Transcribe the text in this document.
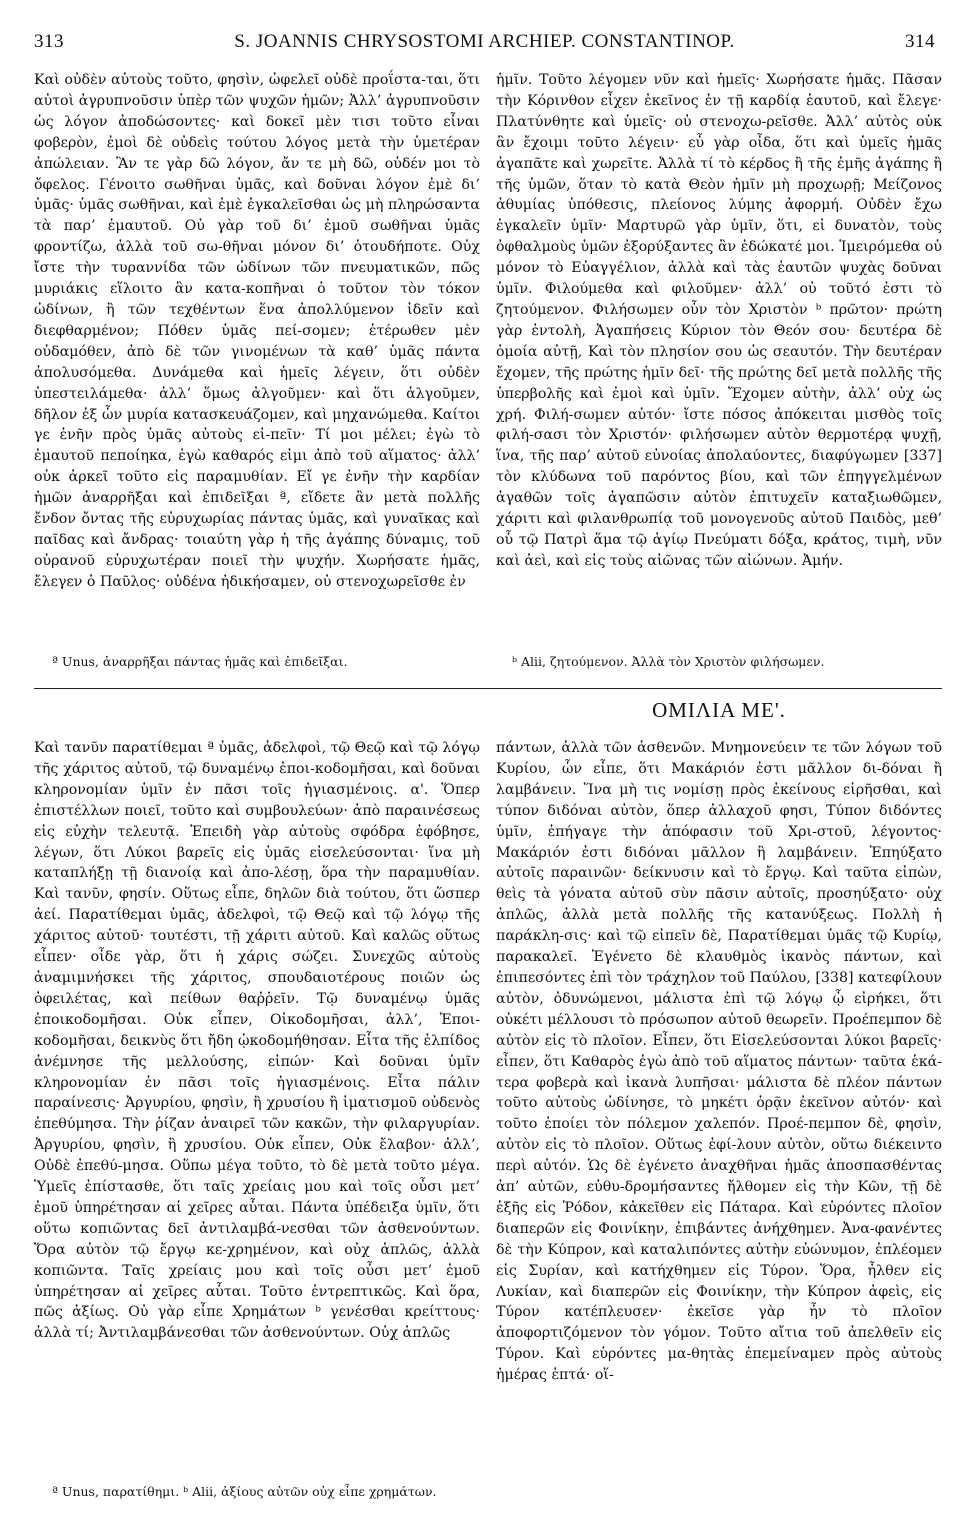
313	S. JOANNIS CHRYSOSTOMI ARCHIEP. CONSTANTINOP.	314

Καὶ οὐδὲν αὐτοὺς τοῦτο, φησὶν, ὠφελεῖ οὐδὲ προΐστα-ται, ὅτι αὐτοὶ ἀγρυπνοῦσιν ὑπὲρ τῶν ψυχῶν ἡμῶν; Ἀλλ’ ἀγρυπνοῦσιν ὡς λόγον ἀποδώσοντες· καὶ δοκεῖ μὲν τισι τοῦτο εἶναι φοβερὸν, ἐμοὶ δὲ οὐδεὶς τούτου λόγος μετὰ τὴν ὑμετέραν ἀπώλειαν. Ἂν τε γὰρ δῶ λόγον, ἄν τε μὴ δῶ, οὐδέν μοι τὸ ὄφελος. Γένοιτο σωθῆναι ὑμᾶς, καὶ δοῦναι λόγον ἐμὲ δι’ ὑμᾶς· ὑμᾶς σωθῆναι, καὶ ἐμὲ ἐγκαλεῖσθαι ὡς μὴ πληρώσαντα τὰ παρ’ ἐμαυτοῦ. Οὐ γὰρ τοῦ δι’ ἐμοῦ σωθῆναι ὑμᾶς φροντίζω, ἀλλὰ τοῦ σω-θῆναι μόνον δι’ ὁτουδήποτε. Οὐχ ἴστε τὴν τυραννίδα τῶν ὠδίνων τῶν πνευματικῶν, πῶς μυριάκις εἵλοιτο ἂν κατα-κοπῆναι ὁ τοῦτον τὸν τόκον ὠδίνων, ἢ τῶν τεχθέντων ἕνα ἀπολλύμενον ἰδεῖν καὶ διεφθαρμένον; Πόθεν ὑμᾶς πεί-σομεν; ἑτέρωθεν μὲν οὐδαμόθεν, ἀπὸ δὲ τῶν γινομένων τὰ καθ’ ὑμᾶς πάντα ἀπολυσόμεθα. Δυνάμεθα καὶ ἡμεῖς λέγειν, ὅτι οὐδὲν ὑπεστειλάμεθα· ἀλλ’ ὅμως ἀλγοῦμεν· καὶ ὅτι ἀλγοῦμεν, δῆλον ἐξ ὧν μυρία κατασκευάζομεν, καὶ μηχανώμεθα. Καίτοι γε ἐνῆν πρὸς ὑμᾶς αὐτοὺς εἰ-πεῖν· Τί μοι μέλει; ἐγὼ τὸ ἐμαυτοῦ πεποίηκα, ἐγὼ καθαρός εἰμι ἀπὸ τοῦ αἵματος· ἀλλ’ οὐκ ἀρκεῖ τοῦτο εἰς παραμυθίαν. Εἴ γε ἐνῆν τὴν καρδίαν ἡμῶν ἀναρρῆξαι καὶ ἐπιδεῖξαι ª, εἴδετε ἂν μετὰ πολλῆς ἔνδον ὄντας τῆς εὐρυχωρίας πάντας ὑμᾶς, καὶ γυναῖκας καὶ παῖδας καὶ ἄνδρας· τοιαύτη γὰρ ἡ τῆς ἀγάπης δύναμις, τοῦ οὐρανοῦ εὐρυχωτέραν ποιεῖ τὴν ψυχήν. Χωρήσατε ἡμᾶς, ἔλεγεν ὁ Παῦλος· οὐδένα ἠδικήσαμεν, οὐ στενοχωρεῖσθε ἐν

ἡμῖν. Τοῦτο λέγομεν νῦν καὶ ἡμεῖς· Χωρήσατε ἡμᾶς. Πᾶσαν τὴν Κόρινθον εἶχεν ἐκεῖνος ἐν τῇ καρδίᾳ ἑαυτοῦ, καὶ ἔλεγε· Πλατύνθητε καὶ ὑμεῖς· οὐ στενοχω-ρεῖσθε. Ἀλλ’ αὐτὸς οὐκ ἂν ἔχοιμι τοῦτο λέγειν· εὖ γὰρ οἶδα, ὅτι καὶ ὑμεῖς ἡμᾶς ἀγαπᾶτε καὶ χωρεῖτε. Ἀλλὰ τί τὸ κέρδος ἢ τῆς ἐμῆς ἀγάπης ἢ τῆς ὑμῶν, ὅταν τὸ κατὰ Θεὸν ἡμῖν μὴ προχωρῇ; Μείζονος ἀθυμίας ὑπόθεσις, πλείονος λύμης ἀφορμή. Οὐδὲν ἔχω ἐγκαλεῖν ὑμῖν· Μαρτυρῶ γὰρ ὑμῖν, ὅτι, εἰ δυνατὸν, τοὺς ὀφθαλμοὺς ὑμῶν ἐξορύξαντες ἂν ἐδώκατέ μοι. Ἱμειρόμεθα οὐ μόνον τὸ Εὐαγγέλιον, ἀλλὰ καὶ τὰς ἑαυτῶν ψυχὰς δοῦναι ὑμῖν. Φιλούμεθα καὶ φιλοῦμεν· ἀλλ’ οὐ τοῦτό ἐστι τὸ ζητούμενον. Φιλήσωμεν οὖν τὸν Χριστὸν ᵇ πρῶτον· πρώτη γὰρ ἐντολὴ, Ἀγαπήσεις Κύριον τὸν Θεόν σου· δευτέρα δὲ ὁμοία αὐτῇ, Καὶ τὸν πλησίον σου ὡς σεαυτόν. Τὴν δευτέραν ἔχομεν, τῆς πρώτης ἡμῖν δεῖ· τῆς πρώτης δεῖ μετὰ πολλῆς τῆς ὑπερβολῆς καὶ ἐμοὶ καὶ ὑμῖν. Ἔχομεν αὐτὴν, ἀλλ’ οὐχ ὡς χρή. Φιλή-σωμεν αὐτόν· ἴστε πόσος ἀπόκειται μισθὸς τοῖς φιλή-σασι τὸν Χριστόν· φιλήσωμεν αὐτὸν θερμοτέρᾳ ψυχῇ, ἵνα, τῆς παρ’ αὐτοῦ εὐνοίας ἀπολαύοντες, διαφύγωμεν [337] τὸν κλύδωνα τοῦ παρόντος βίου, καὶ τῶν ἐπηγγελμένων ἀγαθῶν τοῖς ἀγαπῶσιν αὐτὸν ἐπιτυχεῖν καταξιωθῶμεν, χάριτι καὶ φιλανθρωπίᾳ τοῦ μονογενοῦς αὐτοῦ Παιδὸς, μεθ’ οὗ τῷ Πατρὶ ἅμα τῷ ἁγίῳ Πνεύματι δόξα, κράτος, τιμὴ, νῦν καὶ ἀεὶ, καὶ εἰς τοὺς αἰῶνας τῶν αἰώνων. Ἀμήν.

ª Unus, ἀναρρῆξαι πάντας ἡμᾶς καὶ ἐπιδεῖξαι.	ᵇ Alii, ζητούμενον. Ἀλλὰ τὸν Χριστὸν φιλήσωμεν.
ΟΜΙΛΙΑ ΜΕ'.

Καὶ τανῦν παρατίθεμαι ª ὑμᾶς, ἀδελφοὶ, τῷ Θεῷ καὶ τῷ λόγῳ τῆς χάριτος αὐτοῦ, τῷ δυναμένῳ ἐποι-κοδομῆσαι, καὶ δοῦναι κληρονομίαν ὑμῖν ἐν πᾶσι τοῖς ἡγιασμένοις. α'. Ὅπερ ἐπιστέλλων ποιεῖ, τοῦτο καὶ συμβουλεύων· ἀπὸ παραινέσεως εἰς εὐχὴν τελευτᾷ. Ἐπειδὴ γὰρ αὐτοὺς σφόδρα ἐφόβησε, λέγων, ὅτι Λύκοι βαρεῖς εἰς ὑμᾶς εἰσελεύσονται· ἵνα μὴ καταπλήξῃ τῇ διανοίᾳ καὶ ἀπο-λέσῃ, ὅρα τὴν παραμυθίαν. Καὶ τανῦν, φησίν. Οὕτως εἶπε, δηλῶν διὰ τούτου, ὅτι ὥσπερ ἀεί. Παρατίθεμαι ὑμᾶς, ἀδελφοὶ, τῷ Θεῷ καὶ τῷ λόγῳ τῆς χάριτος αὐτοῦ· τουτέστι, τῇ χάριτι αὐτοῦ. Καὶ καλῶς οὕτως εἶπεν· οἶδε γὰρ, ὅτι ἡ χάρις σώζει. Συνεχῶς αὐτοὺς ἀναμιμνήσκει τῆς χάριτος, σπουδαιοτέρους ποιῶν ὡς ὀφειλέτας, καὶ πείθων θαῤῥεῖν. Τῷ δυναμένῳ ὑμᾶς ἐποικοδομῆσαι. Οὐκ εἶπεν, Οἰκοδομῆσαι, ἀλλ’, Ἐποι-κοδομῆσαι, δεικνὺς ὅτι ἤδη ᾠκοδομήθησαν. Εἶτα τῆς ἐλπίδος ἀνέμνησε τῆς μελλούσης, εἰπών· Καὶ δοῦναι ὑμῖν κληρονομίαν ἐν πᾶσι τοῖς ἡγιασμένοις. Εἶτα πάλιν παραίνεσις· Ἀργυρίου, φησὶν, ἢ χρυσίου ἢ ἱματισμοῦ οὐδενὸς ἐπεθύμησα. Τὴν ῥίζαν ἀναιρεῖ τῶν κακῶν, τὴν φιλαργυρίαν. Ἀργυρίου, φησὶν, ἢ χρυσίου. Οὐκ εἶπεν, Οὐκ ἔλαβον· ἀλλ’, Οὐδὲ ἐπεθύ-μησα. Οὕπω μέγα τοῦτο, τὸ δὲ μετὰ τοῦτο μέγα. Ὑμεῖς ἐπίστασθε, ὅτι ταῖς χρείαις μου καὶ τοῖς οὖσι μετ’ ἐμοῦ ὑπηρέτησαν αἱ χεῖρες αὗται. Πάντα ὑπέδειξα ὑμῖν, ὅτι οὕτω κοπιῶντας δεῖ ἀντιλαμβά-νεσθαι τῶν ἀσθενούντων. Ὅρα αὐτὸν τῷ ἔργῳ κε-χρημένον, καὶ οὐχ ἁπλῶς, ἀλλὰ κοπιῶντα. Ταῖς χρείαις μου καὶ τοῖς οὖσι μετ’ ἐμοῦ ὑπηρέτησαν αἱ χεῖρες αὗται. Τοῦτο ἐντρεπτικῶς. Καὶ ὅρα, πῶς ἀξίως. Οὐ γὰρ εἶπε Χρημάτων ᵇ γενέσθαι κρείττους· ἀλλὰ τί; Ἀντιλαμβάνεσθαι τῶν ἀσθενούντων. Οὐχ ἁπλῶς

πάντων, ἀλλὰ τῶν ἀσθενῶν. Μνημονεύειν τε τῶν λόγων τοῦ Κυρίου, ὧν εἶπε, ὅτι Μακάριόν ἐστι μᾶλλον δι-δόναι ἢ λαμβάνειν. Ἵνα μὴ τις νομίσῃ πρὸς ἐκείνους εἰρῆσθαι, καὶ τύπον διδόναι αὐτὸν, ὅπερ ἀλλαχοῦ φησι, Τύπον διδόντες ὑμῖν, ἐπήγαγε τὴν ἀπόφασιν τοῦ Χρι-στοῦ, λέγοντος· Μακάριόν ἐστι διδόναι μᾶλλον ἢ λαμβάνειν. Ἐπηύξατο αὐτοῖς παραινῶν· δείκνυσιν καὶ τὸ ἔργῳ. Καὶ ταῦτα εἰπὼν, θεὶς τὰ γόνατα αὐτοῦ σὺν πᾶσιν αὐτοῖς, προσηύξατο· οὐχ ἁπλῶς, ἀλλὰ μετὰ πολλῆς τῆς κατανύξεως. Πολλὴ ἡ παράκλη-σις· καὶ τῷ εἰπεῖν δὲ, Παρατίθεμαι ὑμᾶς τῷ Κυρίῳ, παρακαλεῖ. Ἐγένετο δὲ κλαυθμὸς ἱκανὸς πάντων, καὶ ἐπιπεσόντες ἐπὶ τὸν τράχηλον τοῦ Παύλου, [338] κατεφίλουν αὐτὸν, ὀδυνώμενοι, μάλιστα ἐπὶ τῷ λόγῳ ᾧ εἰρήκει, ὅτι οὐκέτι μέλλουσι τὸ πρόσωπον αὐτοῦ θεωρεῖν. Προέπεμπον δὲ αὐτὸν εἰς τὸ πλοῖον. Εἶπεν, ὅτι Εἰσελεύσονται λύκοι βαρεῖς· εἶπεν, ὅτι Καθαρὸς ἐγὼ ἀπὸ τοῦ αἵματος πάντων· ταῦτα ἑκά-τερα φοβερὰ καὶ ἱκανὰ λυπῆσαι· μάλιστα δὲ πλέον πάντων τοῦτο αὐτοὺς ὠδίνησε, τὸ μηκέτι ὁρᾷν ἐκεῖνον αὐτόν· καὶ τοῦτο ἐποίει τὸν πόλεμον χαλεπόν. Προέ-πεμπον δὲ, φησὶν, αὐτὸν εἰς τὸ πλοῖον. Οὕτως ἐφί-λουν αὐτὸν, οὕτω διέκειντο περὶ αὐτόν. Ὡς δὲ ἐγένετο ἀναχθῆναι ἡμᾶς ἀποσπασθέντας ἀπ’ αὐτῶν, εὐθυ-δρομήσαντες ἤλθομεν εἰς τὴν Κῶν, τῇ δὲ ἑξῆς εἰς Ῥόδον, κἀκεῖθεν εἰς Πάταρα. Καὶ εὑρόντες πλοῖον διαπερῶν εἰς Φοινίκην, ἐπιβάντες ἀνήχθημεν. Ἀνα-φανέντες δὲ τὴν Κύπρον, καὶ καταλιπόντες αὐτὴν εὐώνυμον, ἐπλέομεν εἰς Συρίαν, καὶ κατήχθημεν εἰς Τύρον. Ὅρα, ἦλθεν εἰς Λυκίαν, καὶ διαπερῶν εἰς Φοινίκην, τὴν Κύπρον ἀφεὶς, εἰς Τύρον κατέπλευσεν· ἐκεῖσε γὰρ ἦν τὸ πλοῖον ἀποφορτιζόμενον τὸν γόμον. Τοῦτο αἴτια τοῦ ἀπελθεῖν εἰς Τύρον. Καὶ εὑρόντες μα-θητὰς ἐπεμείναμεν πρὸς αὐτοὺς ἡμέρας ἑπτά· οἵ-

ª Unus, παρατίθημι. ᵇ Alii, ἀξίους αὐτῶν οὐχ εἶπε χρημάτων.
